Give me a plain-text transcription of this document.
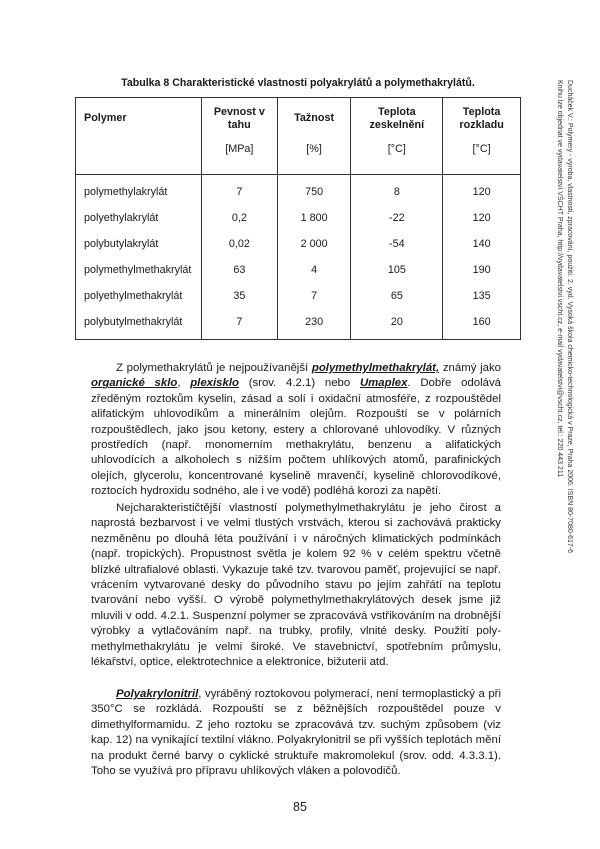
Tabulka 8 Charakteristické vlastnosti polyakrylátů a polymethakrylátů.

Polymer	Pevnost v tahu	Tažnost	Teplota zeskelnění	Teplota rozkladu
	[MPa]	[%]	[°C]	[°C]
polymethylakrylát	7	750	8	120
polyethylakrylát	0,2	1 800	-22	120
polybutylakrylát	0,02	2 000	-54	140
polymethylmethakrylát	63	4	105	190
polyethylmethakrylát	35	7	65	135
polybutylmethakrylát	7	230	20	160

Z polymethakrylátů je nejpoužívanější polymethylmethakrylát, známý jako organické sklo, plexisklo (srov. 4.2.1) nebo Umaplex. Dobře odolává zředěným roztokům kyselin, zásad a solí i oxidační atmosféře, z rozpouštědel alifatickým uhlovodíkům a minerálním olejům. Rozpouští se v polárních rozpouštědlech, jako jsou ketony, estery a chlorované uhlovodíky. V různých prostředích (např. monomerním methakrylátu, benzenu a alifatických uhlovodících a alkoholech s nižším počtem uhlíkových atomů, parafinických olejích, glycerolu, koncentrované kyselině mravenčí, kyselině chlorovodíkové, roztocích hydroxidu sodného, ale i ve vodě) podléhá korozi za napětí.

Nejcharakterističtější vlastností polymethylmethakrylátu je jeho čirost a naprostá bezbarvost i ve velmi tlustých vrstvách, kterou si zachovává prakticky nezměněnu po dlouhá léta používání i v náročných klimatických podmínkách (např. tropických). Propustnost světla je kolem 92 % v celém spektru včetně blízké ultrafialové oblasti. Vykazuje také tzv. tvarovou paměť, projevující se např. vrácením vytvarované desky do původního stavu po jejím zahřátí na teplotu tvarování nebo vyšší. O výrobě polymethylmethakrylátových desek jsme již mluvili v odd. 4.2.1. Suspenzní polymer se zpracovává vstřikováním na drobnější výrobky a vytlačováním např. na trubky, profily, vlnité desky. Použití poly-methylmethakrylátu je velmi široké. Ve stavebnictví, spotřebním průmyslu, lékařství, optice, elektrotechnice a elektronice, bižuterii atd.

Polyakrylonitril, vyráběný roztokovou polymerací, není termoplastický a při 350°C se rozkládá. Rozpouští se z běžnějších rozpouštědel pouze v dimethylformamidu. Z jeho roztoku se zpracovává tzv. suchým způsobem (viz kap. 12) na vynikající textilní vlákno. Polyakrylonitril se při vyšších teplotách mění na produkt černé barvy o cyklické struktuře makromolekul (srov. odd. 4.3.3.1). Toho se využívá pro přípravu uhlíkových vláken a polovodičů.

85

Ducháček V.: Polymery - výroba, vlastnosti, zpracování, použití. 2. vyd. Vysoká škola chemicko-technologická v Praze, Praha 2006. ISBN 80-7080-617-6
Knihu lze objednat ve vydavatelství VŠCHT Praha, http://vydavatelstvi.vscht.cz, e-mail vydavatelstvi@vscht.cz, tel.: 220 443 211
